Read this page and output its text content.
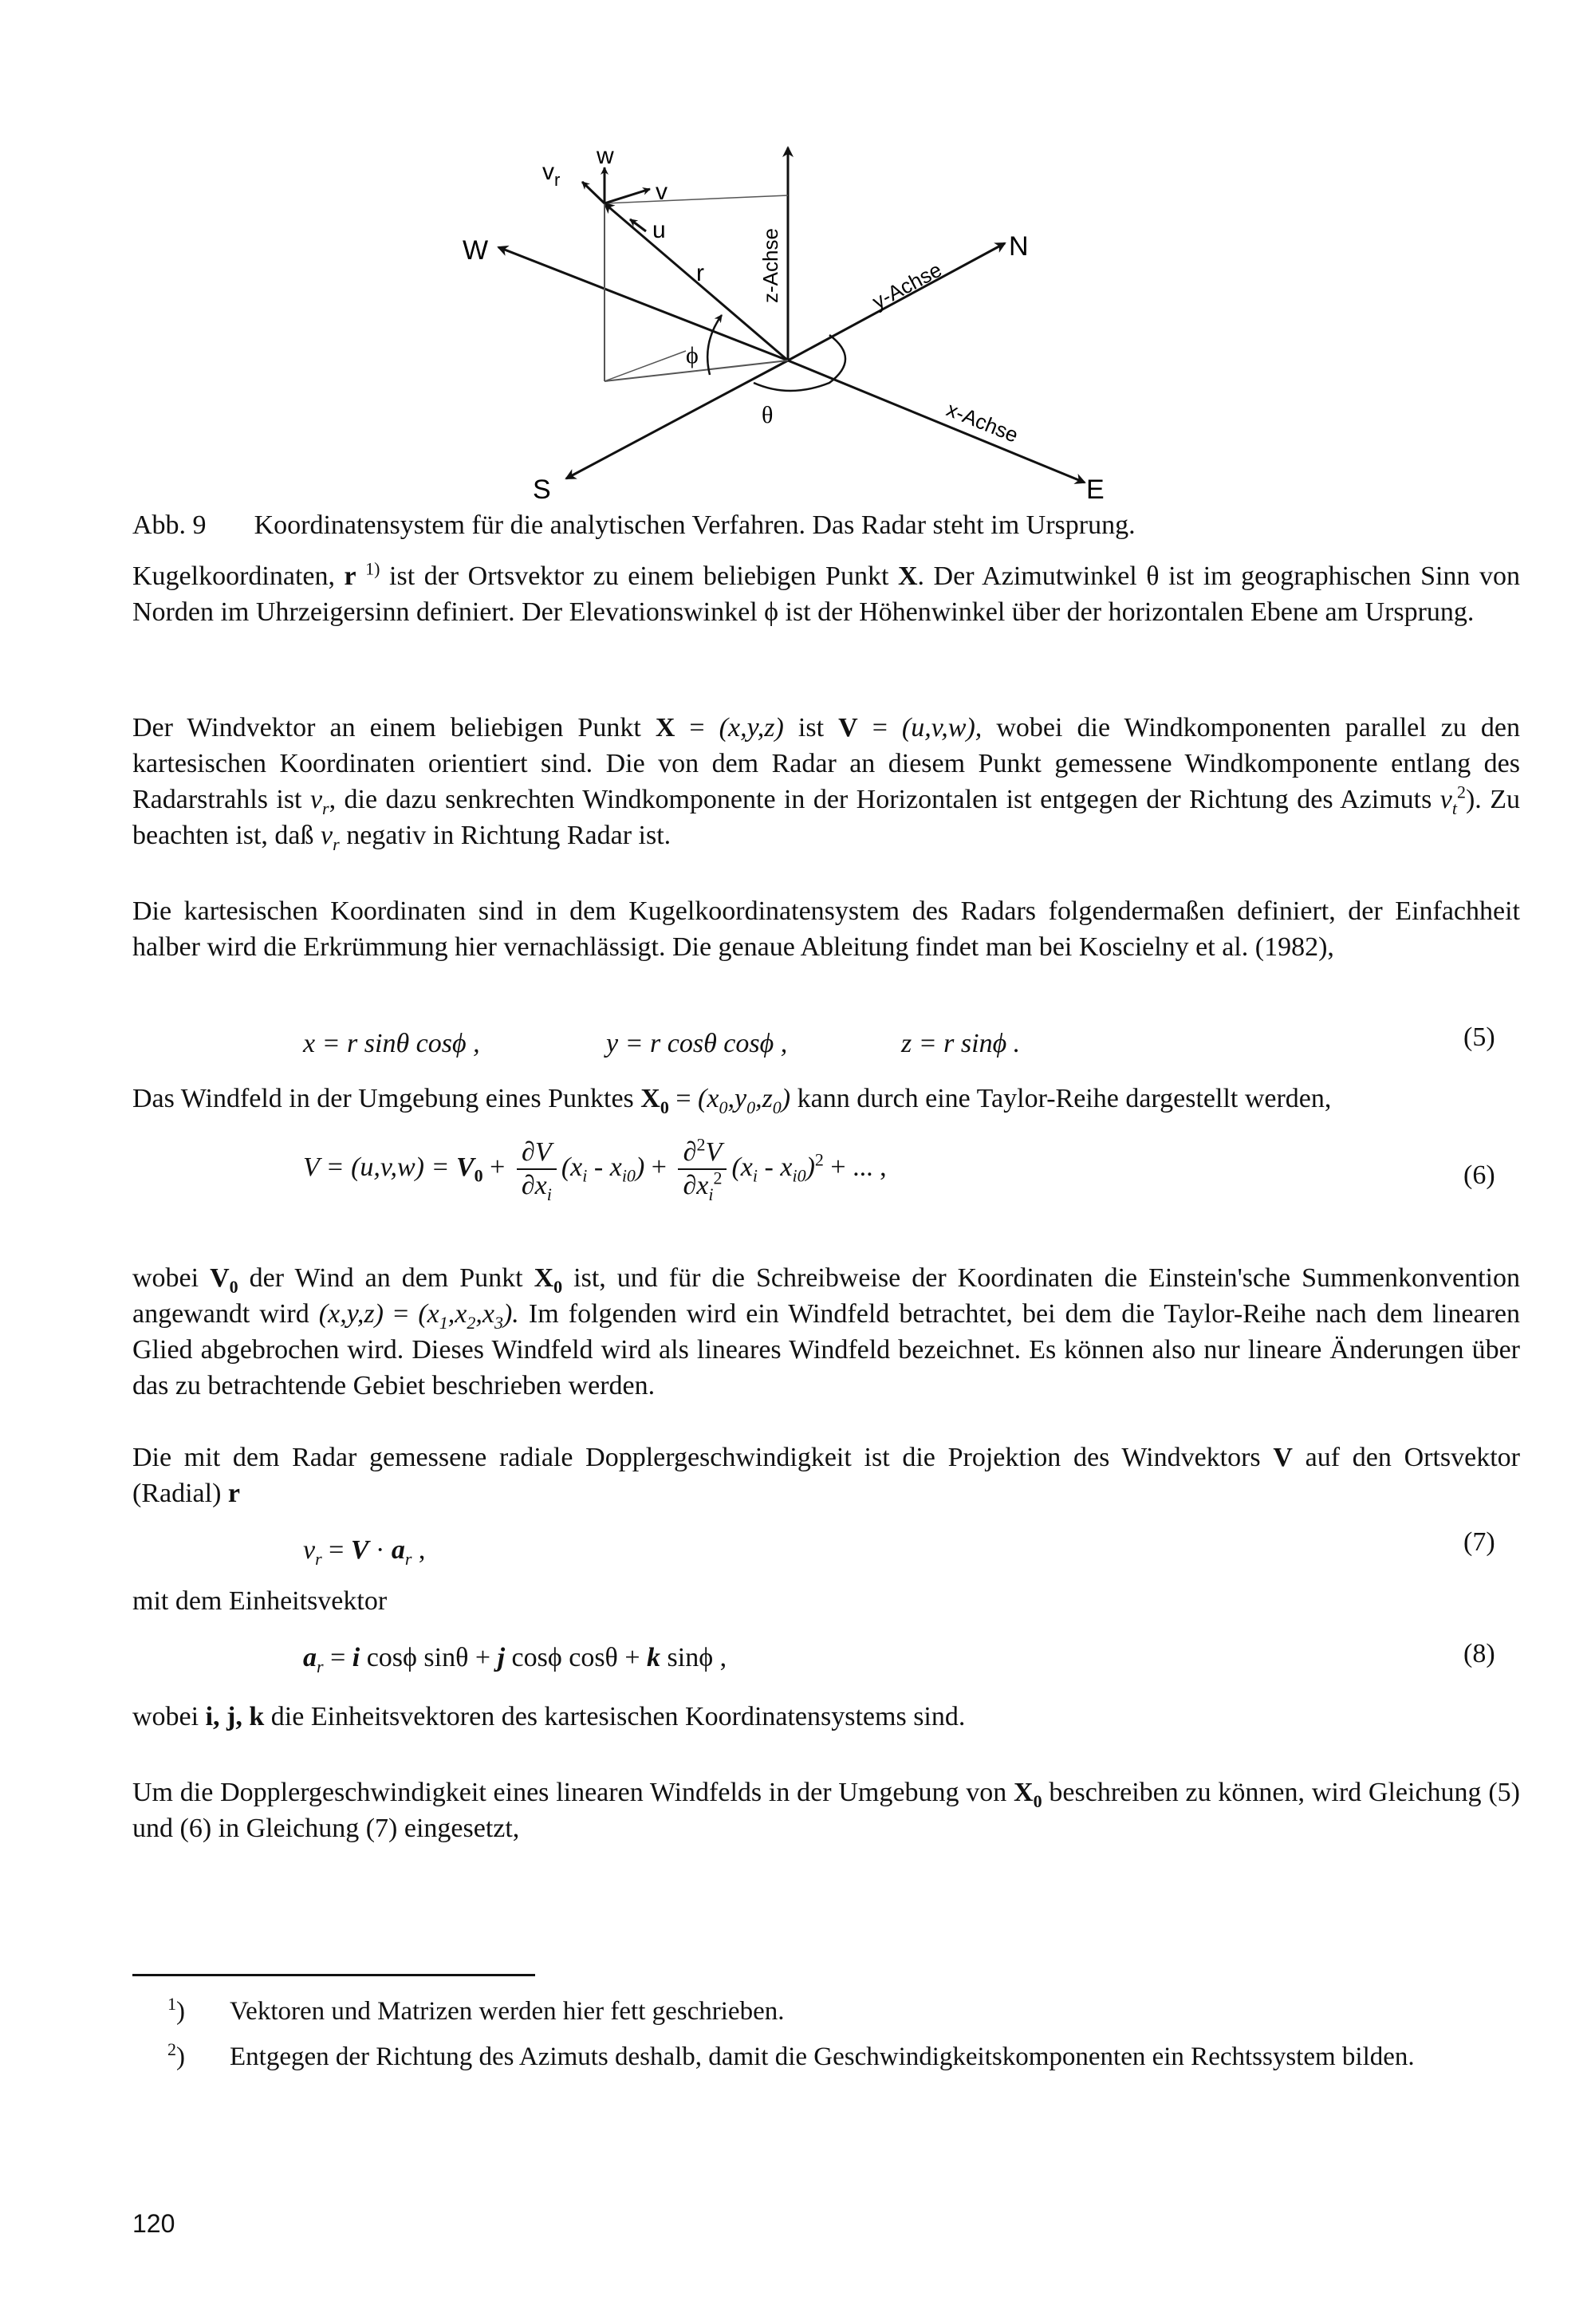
w
$v_r$	v
u
r
W	N
S	E
z-Achse	y-Achse
x-Achse
ϕ
θ
Abb. 9 Koordinatensystem für die analytischen Verfahren. Das Radar steht im Ursprung.
Kugelkoordinaten, r $^{1)}$ ist der Ortsvektor zu einem beliebigen Punkt X. Der Azimutwinkel θ ist im geographischen Sinn von Norden im Uhrzeigersinn definiert. Der Elevationswinkel ϕ ist der Höhenwinkel über der horizontalen Ebene am Ursprung.
Der Windvektor an einem beliebigen Punkt X = (x,y,z) ist V = (u,v,w), wobei die Windkomponenten parallel zu den kartesischen Koordinaten orientiert sind. Die von dem Radar an diesem Punkt gemessene Windkomponente entlang des Radarstrahls ist $v_r$, die dazu senkrechten Windkomponente in der Horizontalen ist entgegen der Richtung des Azimuts $v_t^2$). Zu beachten ist, daß $v_r$ negativ in Richtung Radar ist.
Die kartesischen Koordinaten sind in dem Kugelkoordinatensystem des Radars folgendermaßen definiert, der Einfachheit halber wird die Erkrümmung hier vernachlässigt. Die genaue Ableitung findet man bei Koscielny et al. (1982),
x = r sinθ cosϕ ,	y = r cosθ cosϕ ,	z = r sinϕ .	(5)
Das Windfeld in der Umgebung eines Punktes $X_0 = (x_0,y_0,z_0)$ kann durch eine Taylor-Reihe dargestellt werden,
$V = (u,v,w) = V_0 + \frac{\partial V}{\partial x_i} (x_i - x_{i0}) + \frac{\partial^2V}{\partial x_i^2} (x_i - x_{i0})^2$ + ... ,	(6)
wobei $V_0$ der Wind an dem Punkt $X_0$ ist, und für die Schreibweise der Koordinaten die Einstein'sche Summenkonvention angewandt wird $(x,y,z) = (x_1,x_2,x_3)$. Im folgenden wird ein Windfeld betrachtet, bei dem die Taylor-Reihe nach dem linearen Glied abgebrochen wird. Dieses Windfeld wird als lineares Windfeld bezeichnet. Es können also nur lineare Änderungen über das zu betrachtende Gebiet beschrieben werden.
Die mit dem Radar gemessene radiale Dopplergeschwindigkeit ist die Projektion des Windvektors V auf den Ortsvektor (Radial) r
$v_r = V \cdot a_r$ ,	(7)
mit dem Einheitsvektor
$a_r = i$ cosϕ sinθ + j cosϕ cosθ + k sinϕ ,	(8)
wobei i, j, k die Einheitsvektoren des kartesischen Koordinatensystems sind.
Um die Dopplergeschwindigkeit eines linearen Windfelds in der Umgebung von $X_0$ beschreiben zu können, wird Gleichung (5) und (6) in Gleichung (7) eingesetzt,
$^1$) Vektoren und Matrizen werden hier fett geschrieben.
$^2$) Entgegen der Richtung des Azimuts deshalb, damit die Geschwindigkeitskomponenten ein Rechtssystem bilden.
120
